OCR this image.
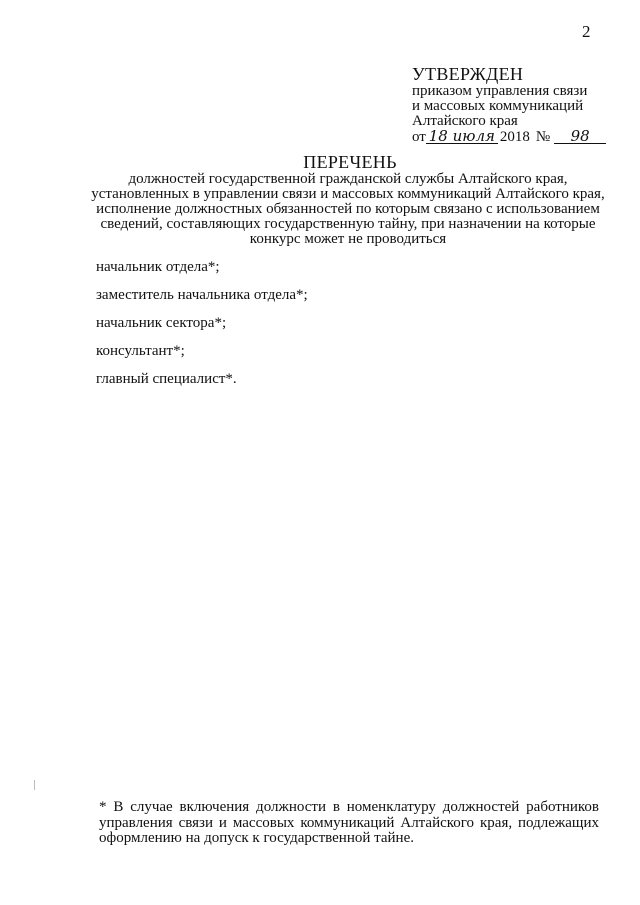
2
УТВЕРЖДЕН
приказом управления связи
и массовых коммуникаций
Алтайского края
от 18 июля 2018 №	98
ПЕРЕЧЕНЬ
должностей государственной гражданской службы Алтайского края, установленных в управлении связи и массовых коммуникаций Алтайского края, исполнение должностных обязанностей по которым связано с использованием сведений, составляющих государственную тайну, при назначении на которые конкурс может не проводиться
начальник отдела*;
заместитель начальника отдела*;
начальник сектора*;
консультант*;
главный специалист*.
* В случае включения должности в номенклатуру должностей работников управления связи и массовых коммуникаций Алтайского края, подлежащих оформлению на допуск к государственной тайне.
